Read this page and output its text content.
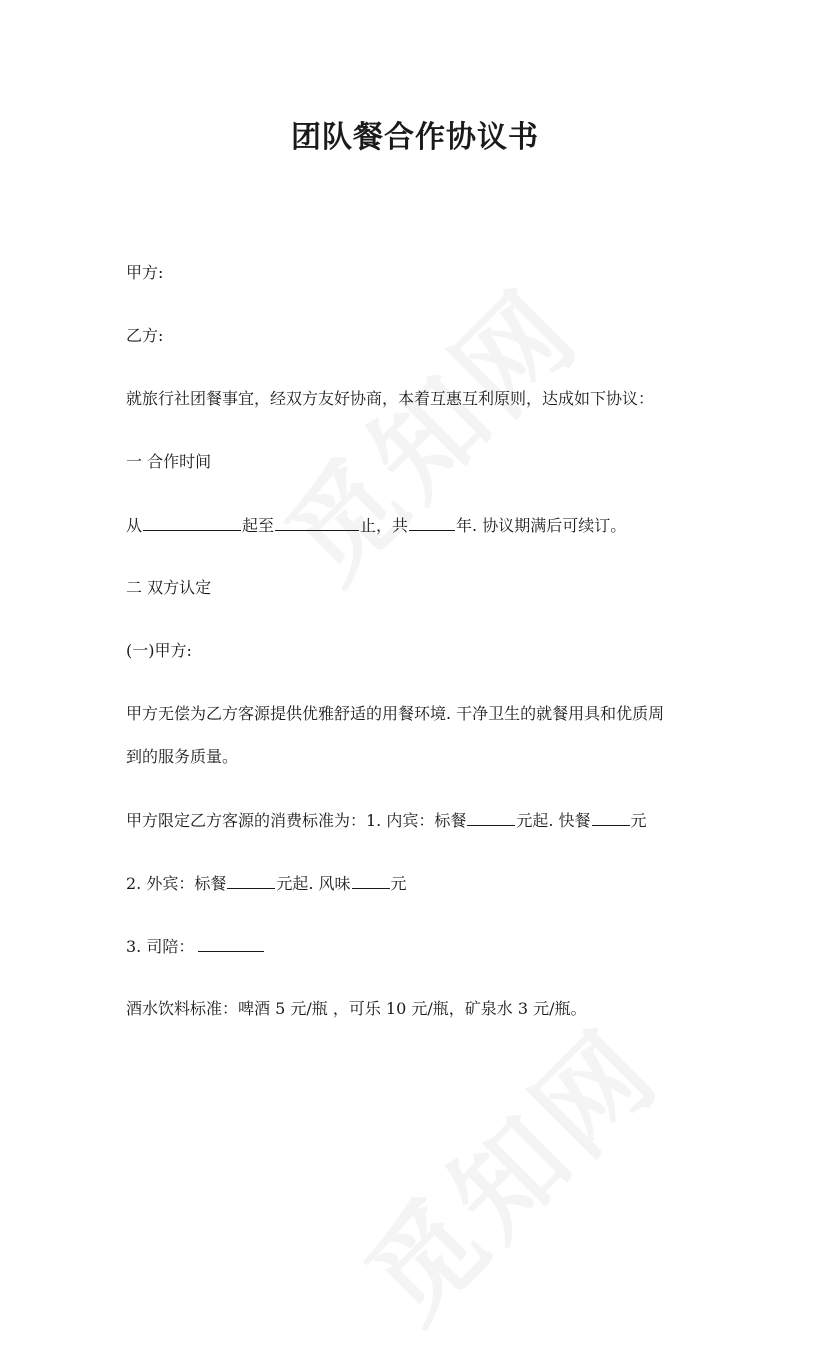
团队餐合作协议书

甲方:

乙方:

就旅行社团餐事宜，经双方友好协商，本着互惠互利原则，达成如下协议：

一 合作时间

从	起至	止，共	年. 协议期满后可续订。

二 双方认定

(一)甲方:

甲方无偿为乙方客源提供优雅舒适的用餐环境. 干净卫生的就餐用具和优质周

到的服务质量。

甲方限定乙方客源的消费标准为：1. 内宾：标餐	元起. 快餐	元

2. 外宾：标餐	元起. 风味	元

3. 司陪：

酒水饮料标准：啤酒 5 元/瓶 ，可乐 10 元/瓶，矿泉水 3 元/瓶。
